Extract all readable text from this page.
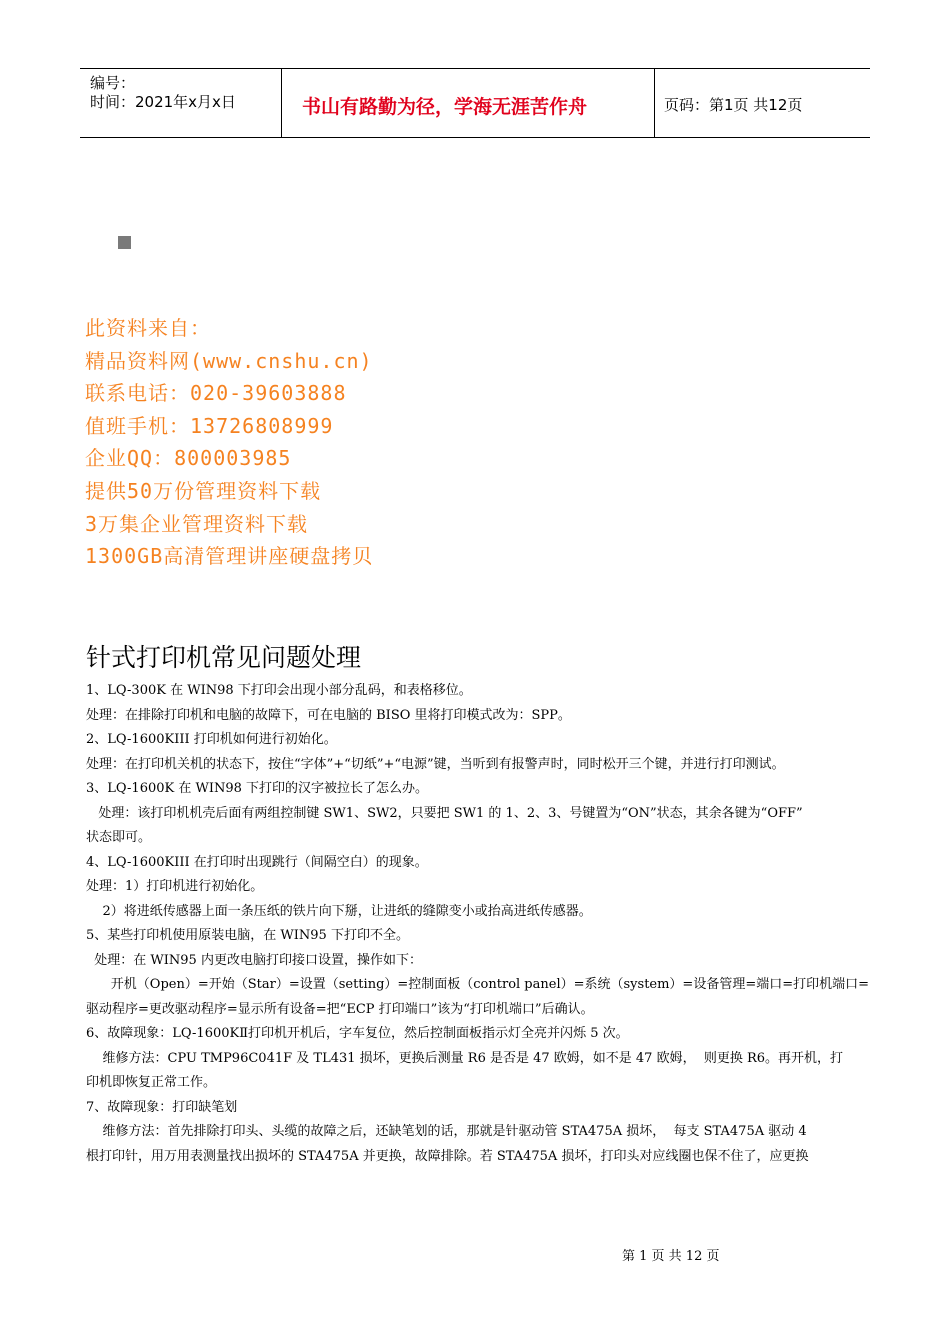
编号：
时间：2021年x月x日	书山有路勤为径，学海无涯苦作舟	页码：第1页 共12页
此资料来自：
精品资料网(www.cnshu.cn)
联系电话：020-39603888
值班手机：13726808999
企业QQ：800003985
提供50万份管理资料下载
3万集企业管理资料下载
1300GB高清管理讲座硬盘拷贝
针式打印机常见问题处理
1、LQ-300K 在 WIN98 下打印会出现小部分乱码，和表格移位。
处理：在排除打印机和电脑的故障下，可在电脑的 BISO 里将打印模式改为：SPP。
2、LQ-1600KIII 打印机如何进行初始化。
处理：在打印机关机的状态下，按住“字体”+“切纸”+“电源”键，当听到有报警声时，同时松开三个键，并进行打印测试。
3、LQ-1600K 在 WIN98 下打印的汉字被拉长了怎么办。
处理：该打印机机壳后面有两组控制键 SW1、SW2，只要把 SW1 的 1、2、3、号键置为“ON”状态，其余各键为“OFF”
状态即可。
4、LQ-1600KIII 在打印时出现跳行（间隔空白）的现象。
处理：1）打印机进行初始化。
2）将进纸传感器上面一条压纸的铁片向下掰，让进纸的缝隙变小或抬高进纸传感器。
5、某些打印机使用原装电脑，在 WIN95 下打印不全。
处理：在 WIN95 内更改电脑打印接口设置，操作如下：
开机（Open）=开始（Star）=设置（setting）=控制面板（control panel）=系统（system）=设备管理=端口=打印机端口=
驱动程序=更改驱动程序=显示所有设备=把“ECP 打印端口”该为“打印机端口”后确认。
6、故障现象：LQ-1600KⅡ打印机开机后，字车复位，然后控制面板指示灯全亮并闪烁 5 次。
维修方法：CPU TMP96C041F 及 TL431 损坏，更换后测量 R6 是否是 47 欧姆，如不是 47 欧姆，  则更换 R6。再开机，打
印机即恢复正常工作。
7、故障现象：打印缺笔划
维修方法：首先排除打印头、头缆的故障之后，还缺笔划的话，那就是针驱动管 STA475A 损坏，  每支 STA475A 驱动 4
根打印针，用万用表测量找出损坏的 STA475A 并更换，故障排除。若 STA475A 损坏，打印头对应线圈也保不住了，应更换
第 1 页 共 12 页
